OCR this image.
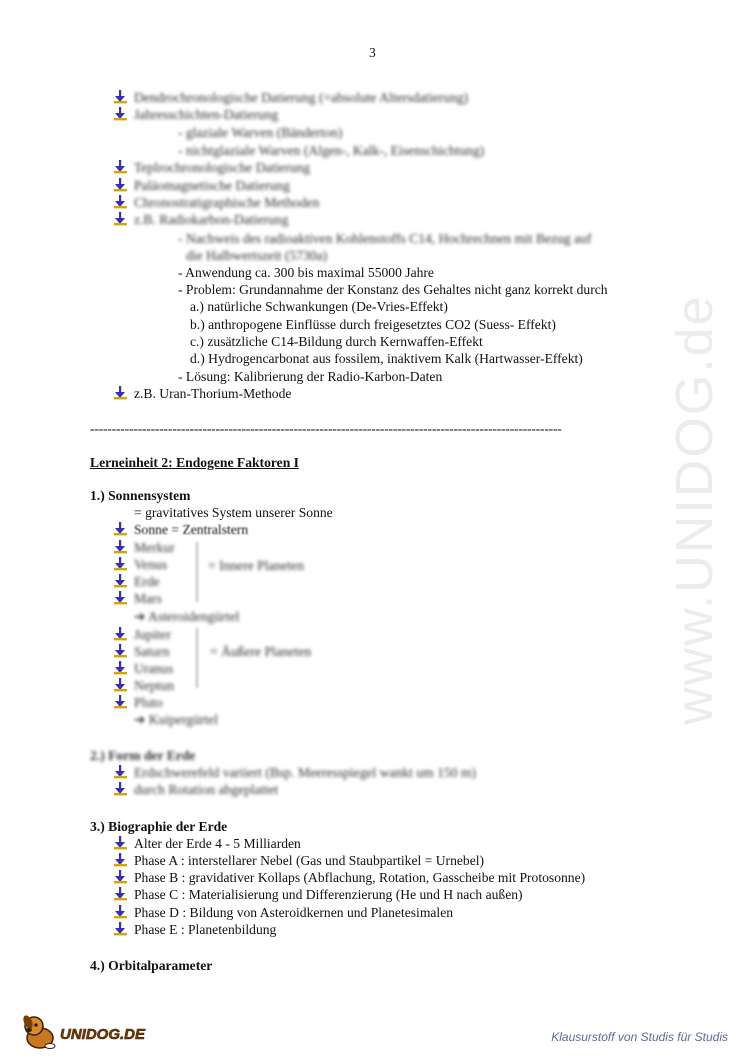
3
www.UNIDOG.de
Dendrochronologische Datierung (=absolute Altersdatierung)
Jahresschichten-Datierung
- glaziale Warven (Bänderton)
- nichtglaziale Warven (Algen-, Kalk-, Eisenschichtung)
Teplrochronologische Datierung
Paläomagnetische Datierung
Chronostratigraphische Methoden
z.B. Radiokarbon-Datierung
- Nachweis des radioaktiven Kohlenstoffs C14, Hochrechnen mit Bezug auf
die Halbwertszeit (5730a)
- Anwendung ca. 300 bis maximal 55000 Jahre
- Problem: Grundannahme der Konstanz des Gehaltes nicht ganz korrekt durch
a.) natürliche Schwankungen (De-Vries-Effekt)
b.) anthropogene Einflüsse durch freigesetztes CO2 (Suess- Effekt)
c.) zusätzliche C14-Bildung durch Kernwaffen-Effekt
d.) Hydrogencarbonat aus fossilem, inaktivem Kalk (Hartwasser-Effekt)
- Lösung: Kalibrierung der Radio-Karbon-Daten
z.B. Uran-Thorium-Methode
-------------------------------------------------------------------------------------------------------------
Lerneinheit 2: Endogene Faktoren I
1.) Sonnensystem
= gravitatives System unserer Sonne
Sonne = Zentralstern
Merkur
Venus
Erde
Mars
= Innere Planeten
➔ Asteroidengürtel
Jupiter
Saturn
Uranus
Neptun
Pluto
= Äußere Planeten
➔ Kuipergürtel
2.) Form der Erde
Erdschwerefeld variiert (Bsp. Meeresspiegel wankt um 150 m)
durch Rotation abgeplattet
3.) Biographie der Erde
Alter der Erde 4 - 5 Milliarden
Phase A : interstellarer Nebel (Gas und Staubpartikel = Urnebel)
Phase B : gravidativer Kollaps (Abflachung, Rotation, Gasscheibe mit Protosonne)
Phase C : Materialisierung und Differenzierung (He und H nach außen)
Phase D : Bildung von Asteroidkernen und Planetesimalen
Phase E : Planetenbildung
4.) Orbitalparameter
UNIDOG.DE	Klausurstoff von Studis für Studis
